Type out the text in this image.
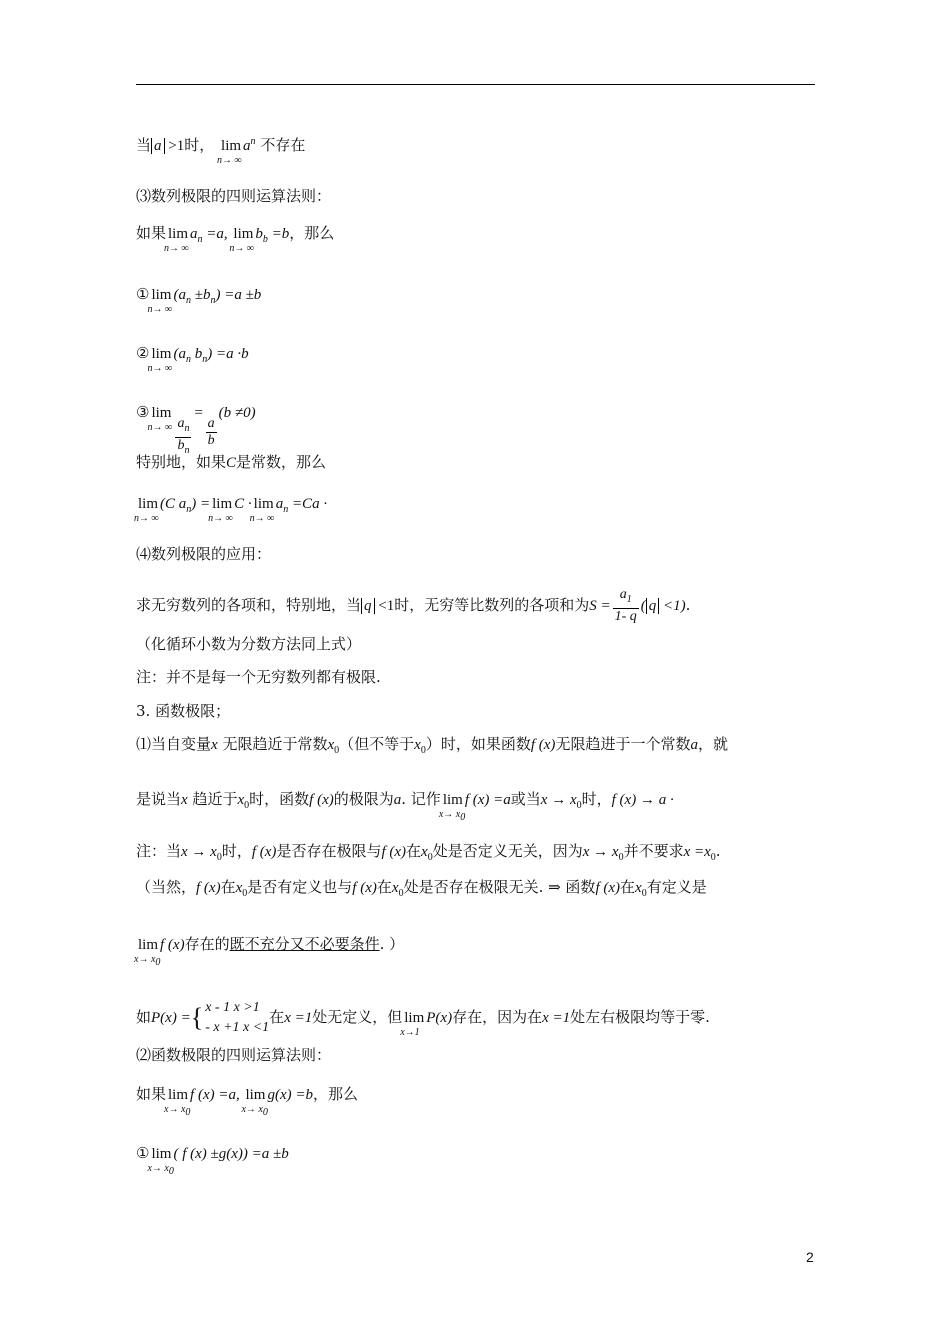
当 a >1时， lim
n→ ∞
$a^n$ 不存在
⑶数列极限的四则运算法则：
如果 lim
n→ ∞
$a_n =a$, lim
n→ ∞
$b_b =b$，那么
① lim
n→ ∞
$(a_n \pm b_n) =a \pm b$
② lim
n→ ∞
($a_n$ $b_n) =a \cdot b$
③ lim
n→ ∞ $\frac{a_n}{b_n}$
=
$\frac{a}{b}$
(b ≠0)
特别地，如果C是常数，那么
lim
n→ ∞
(C $a_n) = \lim$
n→ ∞
C · lim
n→ ∞
$a_n =Ca$ ·
⑷数列极限的应用：
求无穷数列的各项和，特别地，当 q <1时，无穷等比数列的各项和为$S = \frac{a_1}{1- q}$ ( q <1).
（化循环小数为分数方法同上式）
注：并不是每一个无穷数列都有极限.
3. 函数极限；
⑴当自变量x 无限趋近于常数$x_0$（但不等于$x_0$）时，如果函数f (x)无限趋进于一个常数a，就
是说当x 趋近于$x_0$时，函数f (x)的极限为a. 记作 lim
$x\to x_0$
f (x) =a或当$x \to x_0$时，f (x) → a ·
注：当$x \to x_0$时，f (x)是否存在极限与f (x)在$x_0$处是否定义无关，因为$x \to x_0$并不要求$x =x_0$.
（当然，f (x)在$x_0$是否有定义也与f (x)在$x_0$处是否存在极限无关. ⇒ 函数f (x)在$x_0$有定义是
lim
$x\to x_0$
f (x)存在的既不充分又不必要条件. ）
如P(x) ={ x - 1 x >1
- x +1 x <1
在x =1处无定义，但 lim
x→1
P(x)存在，因为在x =1处左右极限均等于零.
⑵函数极限的四则运算法则：
如果 lim
$x\to x_0$
f (x) =a, lim
$x\to x_0$
g(x) =b，那么
① lim
$x\to x_0$
( f (x) ±g(x)) =a ±b
2
